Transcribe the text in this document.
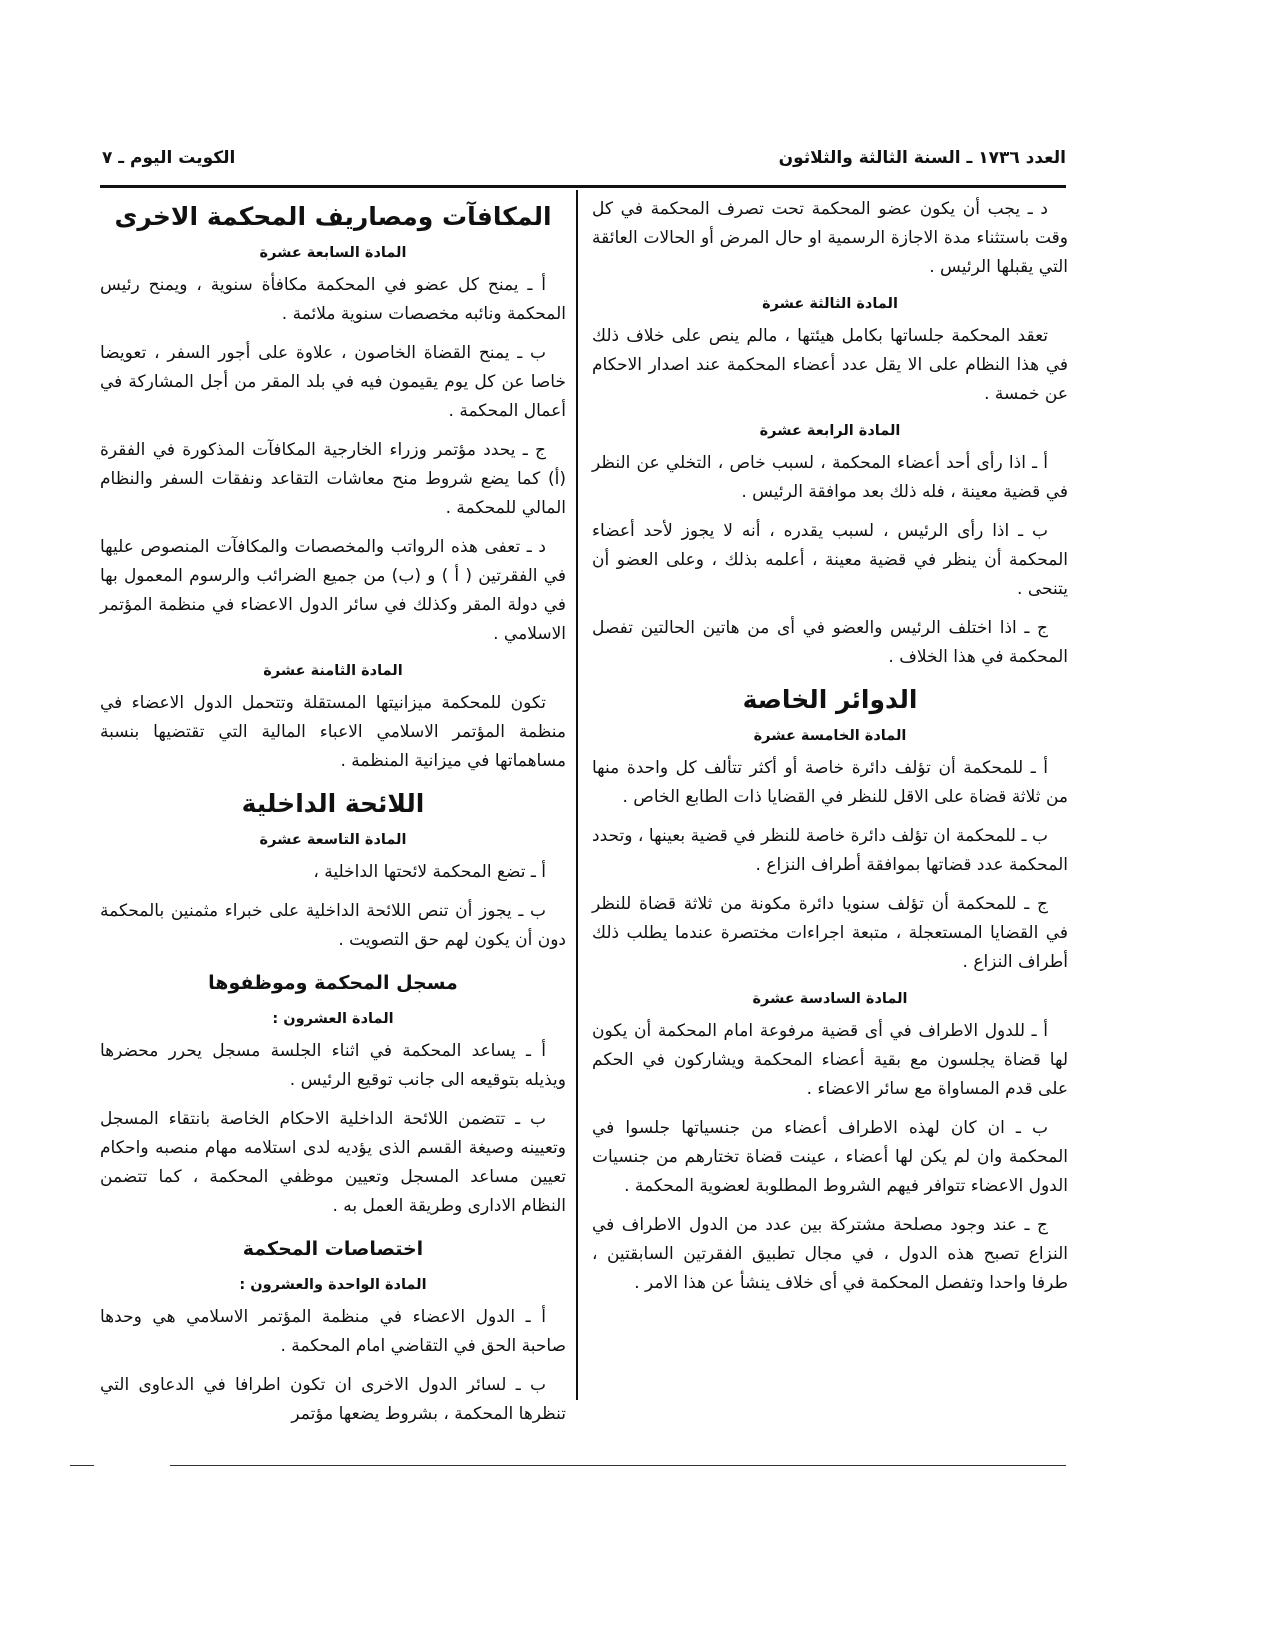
العدد ١٧٣٦ ـ السنة الثالثة والثلاثون
الكويت اليوم ـ ٧
د ـ يجب أن يكون عضو المحكمة تحت تصرف المحكمة في كل وقت باستثناء مدة الاجازة الرسمية او حال المرض أو الحالات العائقة التي يقبلها الرئيس .
المادة الثالثة عشرة
تعقد المحكمة جلساتها بكامل هيئتها ، مالم ينص على خلاف ذلك في هذا النظام على الا يقل عدد أعضاء المحكمة عند اصدار الاحكام عن خمسة .
المادة الرابعة عشرة
أ ـ اذا رأى أحد أعضاء المحكمة ، لسبب خاص ، التخلي عن النظر في قضية معينة ، فله ذلك بعد موافقة الرئيس .
ب ـ اذا رأى الرئيس ، لسبب يقدره ، أنه لا يجوز لأحد أعضاء المحكمة أن ينظر في قضية معينة ، أعلمه بذلك ، وعلى العضو أن يتنحى .
ج ـ اذا اختلف الرئيس والعضو في أى من هاتين الحالتين تفصل المحكمة في هذا الخلاف .
الدوائر الخاصة
المادة الخامسة عشرة
أ ـ للمحكمة أن تؤلف دائرة خاصة أو أكثر تتألف كل واحدة منها من ثلاثة قضاة على الاقل للنظر في القضايا ذات الطابع الخاص .
ب ـ للمحكمة ان تؤلف دائرة خاصة للنظر في قضية بعينها ، وتحدد المحكمة عدد قضاتها بموافقة أطراف النزاع .
ج ـ للمحكمة أن تؤلف سنويا دائرة مكونة من ثلاثة قضاة للنظر في القضايا المستعجلة ، متبعة اجراءات مختصرة عندما يطلب ذلك أطراف النزاع .
المادة السادسة عشرة
أ ـ للدول الاطراف في أى قضية مرفوعة امام المحكمة أن يكون لها قضاة يجلسون مع بقية أعضاء المحكمة ويشاركون في الحكم على قدم المساواة مع سائر الاعضاء .
ب ـ ان كان لهذه الاطراف أعضاء من جنسياتها جلسوا في المحكمة وان لم يكن لها أعضاء ، عينت قضاة تختارهم من جنسيات الدول الاعضاء تتوافر فيهم الشروط المطلوبة لعضوية المحكمة .
ج ـ عند وجود مصلحة مشتركة بين عدد من الدول الاطراف في النزاع تصبح هذه الدول ، في مجال تطبيق الفقرتين السابقتين ، طرفا واحدا وتفصل المحكمة في أى خلاف ينشأ عن هذا الامر .
المكافآت ومصاريف المحكمة الاخرى
المادة السابعة عشرة
أ ـ يمنح كل عضو في المحكمة مكافأة سنوية ، ويمنح رئيس المحكمة ونائبه مخصصات سنوية ملائمة .
ب ـ يمنح القضاة الخاصون ، علاوة على أجور السفر ، تعويضا خاصا عن كل يوم يقيمون فيه في بلد المقر من أجل المشاركة في أعمال المحكمة .
ج ـ يحدد مؤتمر وزراء الخارجية المكافآت المذكورة في الفقرة (أ) كما يضع شروط منح معاشات التقاعد ونفقات السفر والنظام المالي للمحكمة .
د ـ تعفى هذه الرواتب والمخصصات والمكافآت المنصوص عليها في الفقرتين ( أ ) و (ب) من جميع الضرائب والرسوم المعمول بها في دولة المقر وكذلك في سائر الدول الاعضاء في منظمة المؤتمر الاسلامي .
المادة الثامنة عشرة
تكون للمحكمة ميزانيتها المستقلة وتتحمل الدول الاعضاء في منظمة المؤتمر الاسلامي الاعباء المالية التي تقتضيها بنسبة مساهماتها في ميزانية المنظمة .
اللائحة الداخلية
المادة التاسعة عشرة
أ ـ تضع المحكمة لائحتها الداخلية ،
ب ـ يجوز أن تنص اللائحة الداخلية على خبراء مثمنين بالمحكمة دون أن يكون لهم حق التصويت .
مسجل المحكمة وموظفوها
المادة العشرون :
أ ـ يساعد المحكمة في اثناء الجلسة مسجل يحرر محضرها ويذيله بتوقيعه الى جانب توقيع الرئيس .
ب ـ تتضمن اللائحة الداخلية الاحكام الخاصة بانتقاء المسجل وتعيينه وصيغة القسم الذى يؤديه لدى استلامه مهام منصبه واحكام تعيين مساعد المسجل وتعيين موظفي المحكمة ، كما تتضمن النظام الادارى وطريقة العمل به .
اختصاصات المحكمة
المادة الواحدة والعشرون :
أ ـ الدول الاعضاء في منظمة المؤتمر الاسلامي هي وحدها صاحبة الحق في التقاضي امام المحكمة .
ب ـ لسائر الدول الاخرى ان تكون اطرافا في الدعاوى التي تنظرها المحكمة ، بشروط يضعها مؤتمر
